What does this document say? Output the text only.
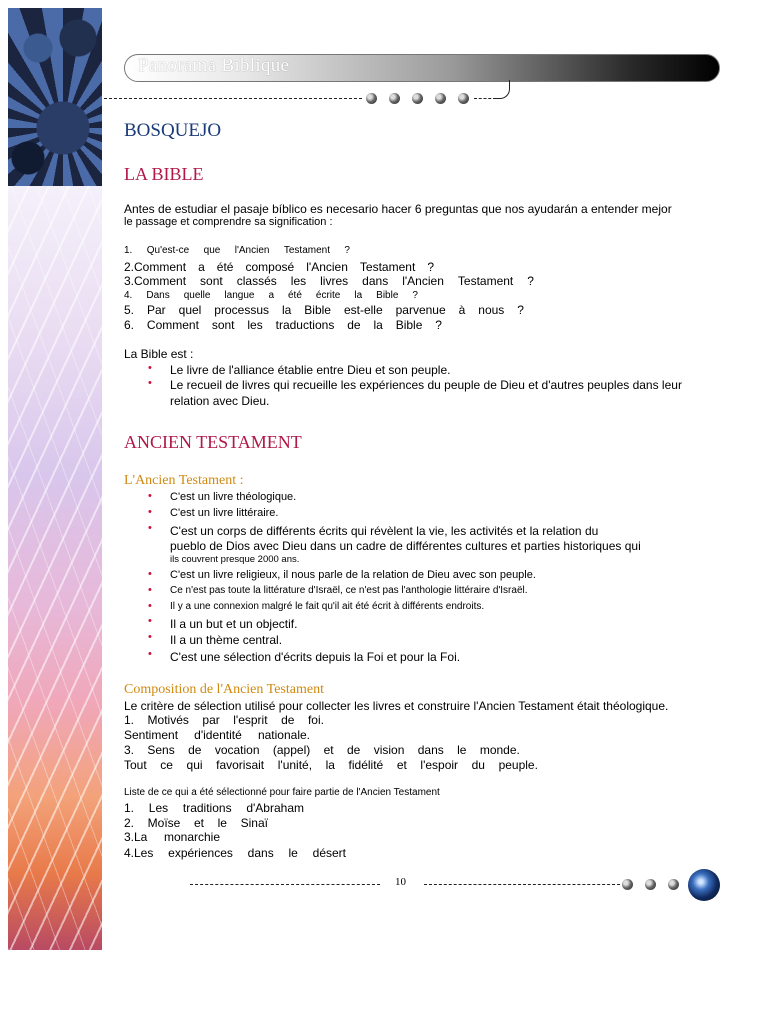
Panorama Biblique
BOSQUEJO
LA BIBLE
Antes de estudiar el pasaje bíblico es necesario hacer 6 preguntas que nos ayudarán a entender mejor
le passage et comprendre sa signification :
1. Qu'est-ce que l'Ancien Testament ?
2.Comment a été composé l'Ancien Testament ?
3.Comment sont classés les livres dans l'Ancien Testament ?
4. Dans quelle langue a été écrite la Bible ?
5. Par quel processus la Bible est-elle parvenue à nous ?
6. Comment sont les traductions de la Bible ?
La Bible est :
• Le livre de l'alliance établie entre Dieu et son peuple.
• Le recueil de livres qui recueille les expériences du peuple de Dieu et d'autres peuples dans leur
relation avec Dieu.
ANCIEN TESTAMENT
L'Ancien Testament :
• C'est un livre théologique.
• C'est un livre littéraire.
• C'est un corps de différents écrits qui révèlent la vie, les activités et la relation du
pueblo de Dios avec Dieu dans un cadre de différentes cultures et parties historiques qui
ils couvrent presque 2000 ans.
• C'est un livre religieux, il nous parle de la relation de Dieu avec son peuple.
• Ce n'est pas toute la littérature d'Israël, ce n'est pas l'anthologie littéraire d'Israël.
• Il y a une connexion malgré le fait qu'il ait été écrit à différents endroits.
• Il a un but et un objectif.
• Il a un thème central.
• C'est une sélection d'écrits depuis la Foi et pour la Foi.
Composition de l'Ancien Testament
Le critère de sélection utilisé pour collecter les livres et construire l'Ancien Testament était théologique.
1. Motivés par l'esprit de foi.
Sentiment d'identité nationale.
3. Sens de vocation (appel) et de vision dans le monde.
Tout ce qui favorisait l'unité, la fidélité et l'espoir du peuple.
Liste de ce qui a été sélectionné pour faire partie de l'Ancien Testament
1. Les traditions d'Abraham
2. Moïse et le Sinaï
3.La monarchie
4.Les expériences dans le désert
10
